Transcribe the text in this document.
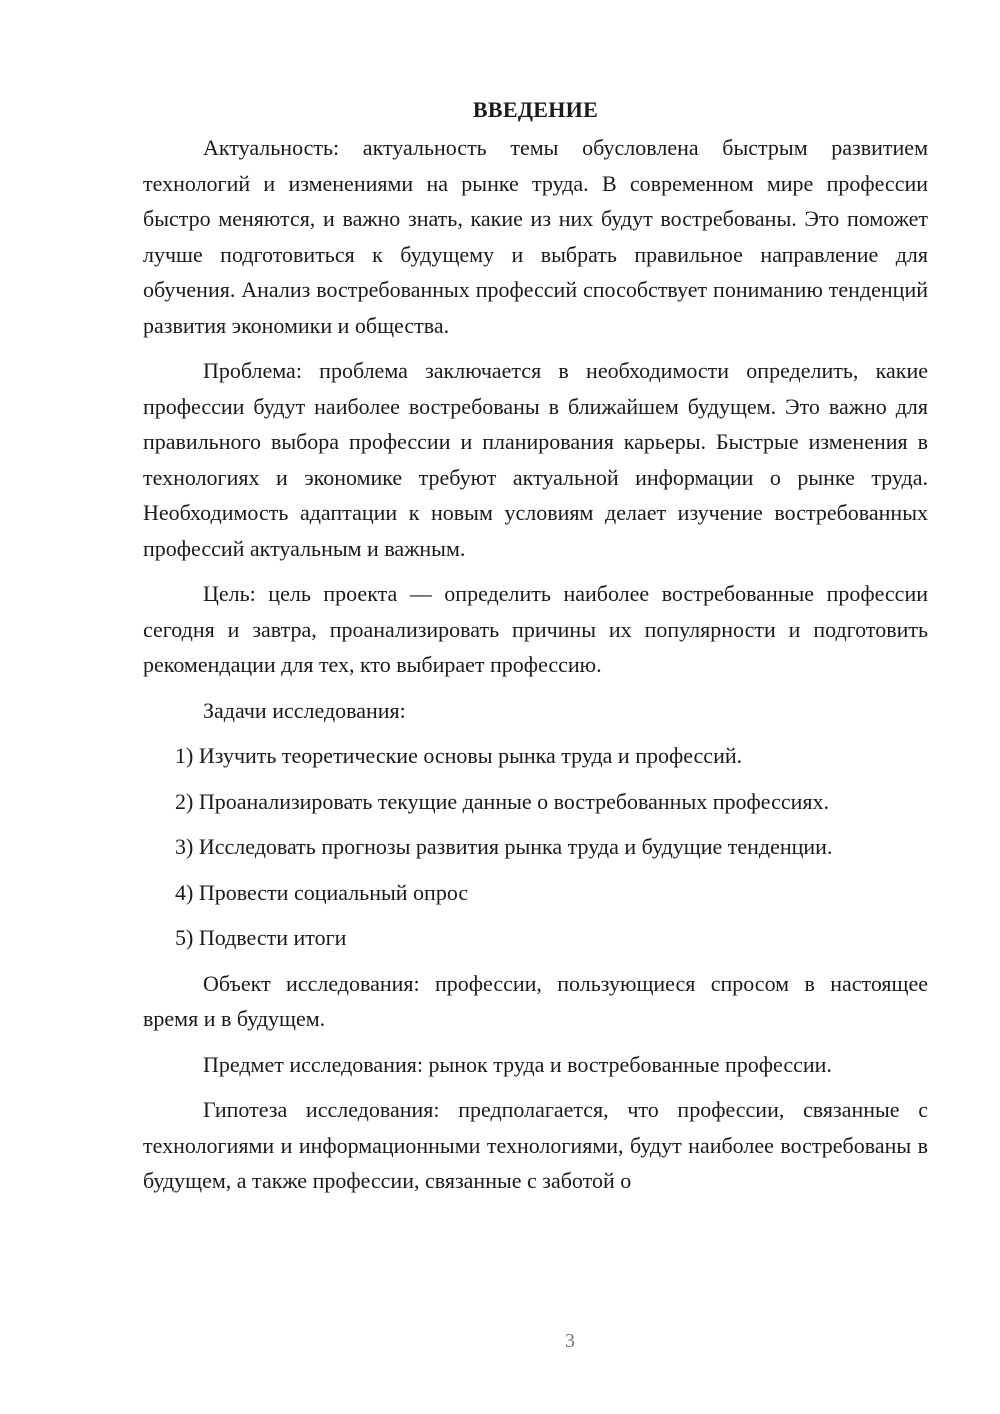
ВВЕДЕНИЕ

Актуальность: актуальность темы обусловлена быстрым развитием технологий и изменениями на рынке труда. В современном мире профессии быстро меняются, и важно знать, какие из них будут востребованы. Это поможет лучше подготовиться к будущему и выбрать правильное направление для обучения. Анализ востребованных профессий способствует пониманию тенденций развития экономики и общества.

Проблема: проблема заключается в необходимости определить, какие профессии будут наиболее востребованы в ближайшем будущем. Это важно для правильного выбора профессии и планирования карьеры. Быстрые изменения в технологиях и экономике требуют актуальной информации о рынке труда. Необходимость адаптации к новым условиям делает изучение востребованных профессий актуальным и важным.

Цель: цель проекта — определить наиболее востребованные профессии сегодня и завтра, проанализировать причины их популярности и подготовить рекомендации для тех, кто выбирает профессию.

Задачи исследования:

1) Изучить теоретические основы рынка труда и профессий.

2) Проанализировать текущие данные о востребованных профессиях.

3) Исследовать прогнозы развития рынка труда и будущие тенденции.

4) Провести социальный опрос

5) Подвести итоги

Объект исследования: профессии, пользующиеся спросом в настоящее время и в будущем.

Предмет исследования: рынок труда и востребованные профессии.

Гипотеза исследования: предполагается, что профессии, связанные с технологиями и информационными технологиями, будут наиболее востребованы в будущем, а также профессии, связанные с заботой о

3
